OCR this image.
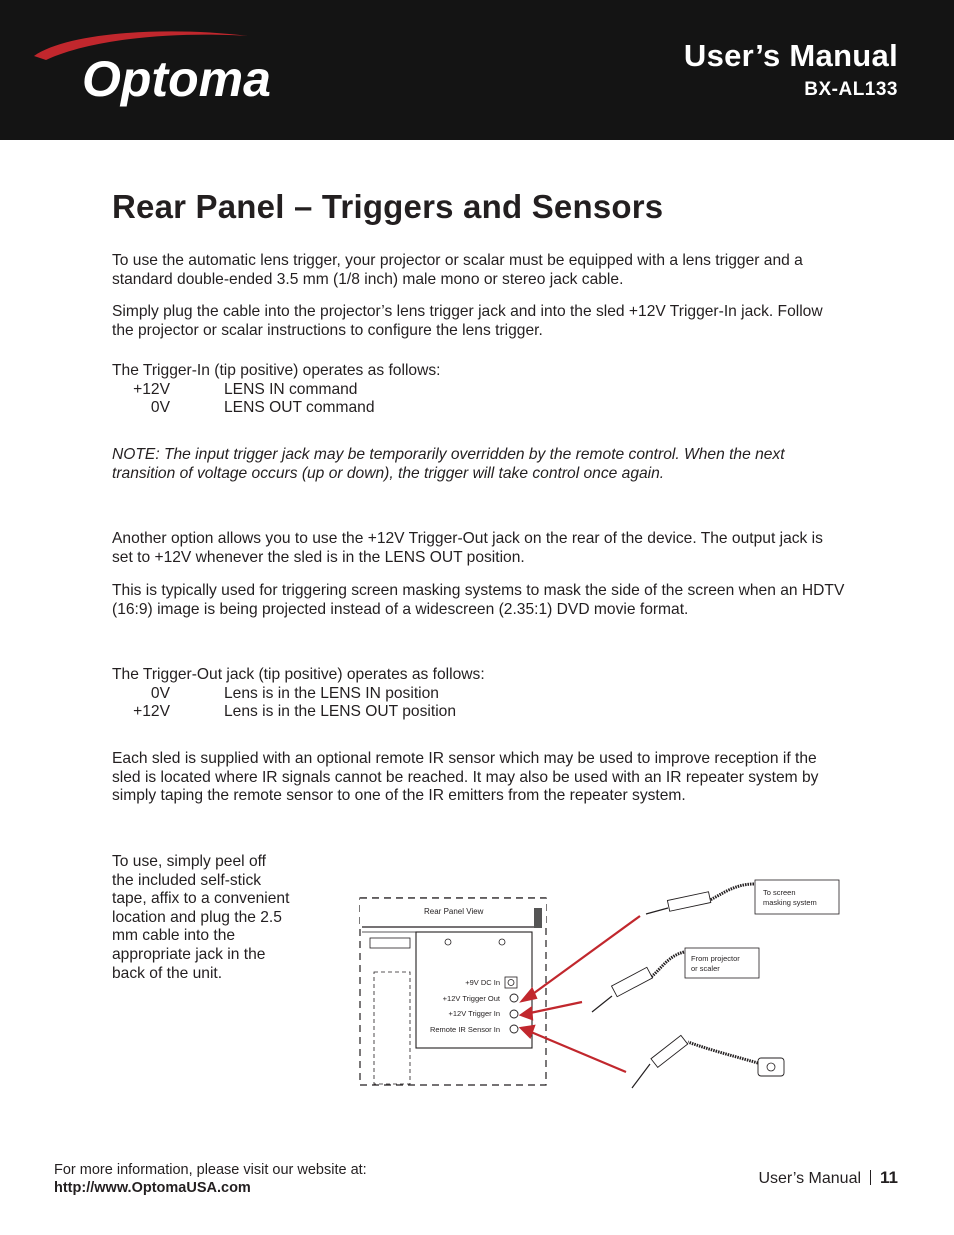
Optoma	User’s Manual
BX-AL133
Rear Panel – Triggers and Sensors

To use the automatic lens trigger, your projector or scalar must be equipped with a lens trigger and a standard double-ended 3.5 mm (1/8 inch) male mono or stereo jack cable.

Simply plug the cable into the projector’s lens trigger jack and into the sled +12V Trigger-In jack. Follow the projector or scalar instructions to configure the lens trigger.

The Trigger-In (tip positive) operates as follows:

+12V	LENS IN command
0V	LENS OUT command

NOTE: The input trigger jack may be temporarily overridden by the remote control. When the next transition of voltage occurs (up or down), the trigger will take control once again.

Another option allows you to use the +12V Trigger-Out jack on the rear of the device. The output jack is set to +12V whenever the sled is in the LENS OUT position.

This is typically used for triggering screen masking systems to mask the side of the screen when an HDTV (16:9) image is being projected instead of a widescreen (2.35:1) DVD movie format.

The Trigger-Out jack (tip positive) operates as follows:

0V	Lens is in the LENS IN position
+12V	Lens is in the LENS OUT position

Each sled is supplied with an optional remote IR sensor which may be used to improve reception if the sled is located where IR signals cannot be reached. It may also be used with an IR repeater system by simply taping the remote sensor to one of the IR emitters from the repeater system.

To use, simply peel off the included self-stick tape, affix to a convenient location and plug the 2.5 mm cable into the appropriate jack in the back of the unit.

Rear Panel View
+9V DC In
+12V Trigger Out
+12V Trigger In
Remote IR Sensor In
To screen
masking system
From projector
or scaler
For more information, please visit our website at:
http://www.OptomaUSA.com
User’s Manual 11
